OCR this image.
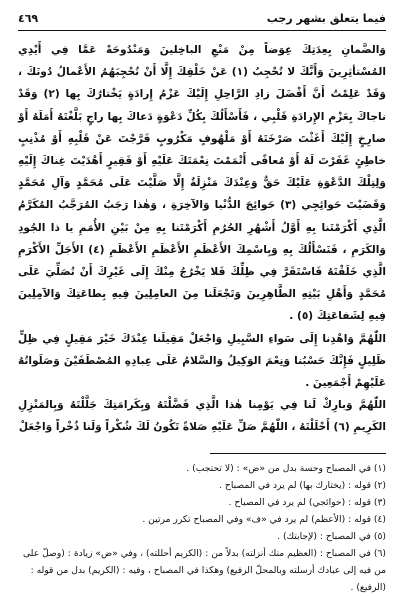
فيما يتعلق بشهر رجب
٤٦٩

وَالضَّمانِ بِعِدَتِكَ عِوَضاً مِنْ مَنْعِ الباخِلينَ وَمَنْدُوحَةً عَمَّا فِي أَيْدِي المُسْتأثِرِينَ وَأَنَّكَ لا تُحْجِبُ (١) عَنْ خَلْقِكَ إِلَّا أَنْ تُحْجِبَهُمُ الأَعْمالُ دُونَكَ ، وَقَدْ عَلِمْتُ أَنَّ أَفْضَلَ زادِ الرَّاحِلِ إِلَيْكَ عَزْمُ إِرادَةٍ يَخْتارُكَ بِها (٢) وَقَدْ ناجاكَ بِعَزْمِ الإِرادَةِ قَلْبِي ، فَأَسْأَلُكَ بِكُلِّ دَعْوَةٍ دَعاكَ بِها راجٍ بَلَّغْتَهُ أَمَلَهُ أَوْ صارِخٍ إِلَيْكَ أَغَثْتَ صَرْخَتَهُ أَوْ مَلْهُوفٍ مَكْرُوبٍ فَرَّجْتَ عَنْ قَلْبِهِ أَوْ مُذْنِبٍ خاطِئٍ غَفَرْتَ لَهُ أَوْ مُعافًى أَتْمَمْتَ نِعْمَتَكَ عَلَيْهِ أَوْ فَقِيرٍ أَهْدَيْتَ غِناكَ إِلَيْهِ وَلِتِلْكَ الدَّعْوَةِ عَلَيْكَ حَقٌّ وَعِنْدَكَ مَنْزِلَةٌ إِلَّا صَلَّيْتَ عَلَى مُحَمَّدٍ وَآلِ مُحَمَّدٍ وَقَضَيْتَ حَوائِجِي (٣) حَوائِجَ الدُّنْيا وَالآخِرَةِ ، وَهٰذا رَجَبُ المُرَجَّبُ المُكَرَّمُ الَّذِي أَكْرَمْتَنا بِهِ أَوَّلُ أَشْهُرِ الحُرُمِ أَكْرَمْتَنا بِهِ مِنْ بَيْنِ الأُمَمِ يا ذا الجُودِ وَالكَرَمِ ، فَنَسْأَلُكَ بِهِ وَبِاسْمِكَ الأَعْظَمِ الأَعْظَمِ الأَعْظَمِ (٤) الأَجَلِّ الأَكْرَمِ الَّذِي خَلَقْتَهُ فَاسْتَقَرَّ فِي ظِلِّكَ فَلا يَخْرُجُ مِنْكَ إِلَى غَيْرِكَ أَنْ تُصَلِّيَ عَلَى مُحَمَّدٍ وَأَهْلِ بَيْتِهِ الطَّاهِرِينَ وَتَجْعَلَنا مِنَ العامِلِينَ فِيهِ بِطاعَتِكَ وَالآمِلِينَ فِيهِ لِشَفاعَتِكَ (٥) .

اللّٰهُمَّ وَاهْدِنا إِلَى سَواءِ السَّبِيلِ وَاجْعَلْ مَقِيلَنا عِنْدَكَ خَيْرَ مَقِيلٍ فِي ظِلٍّ ظَلِيلٍ فَإِنَّكَ حَسْبُنا وَنِعْمَ الوَكِيلُ وَالسَّلامُ عَلَى عِبادِهِ المُصْطَفَيْنَ وَصَلَواتُهُ عَلَيْهِمْ أَجْمَعِينَ .

اللّٰهُمَّ وَبارِكْ لَنا فِي يَوْمِنا هٰذا الَّذِي فَضَّلْتَهُ وَبِكَرامَتِكَ جَلَّلْتَهُ وَبِالمَنْزِلِ الكَرِيمِ (٦) أَحْلَلْتَهُ ، اللّٰهُمَّ صَلِّ عَلَيْهِ صَلاةً تَكُونُ لَكَ شُكْراً وَلَنا ذُخْراً وَاجْعَلْ

(١) في المصباح وحسة بدل من «ض» : (لا تحتجب) .
(٢) قوله : (يختارك بها) لم يرد في المصباح .
(٣) قوله : (حوائجي) لم يرد في المصباح .
(٤) قوله : (الأعظم) لم يرد في «ف» وفي المصباح تكرر مرتين .
(٥) في المصباح : (لإجابتك) .
(٦) في المصباح : (العظيم منك أنزلته) بدلاً من : (الكريم أحللته) ، وفي «ض» زيادة : (وصلّ على من فيه إلى عبادك أرسلته وبالمحلّ الرفيع) وهكذا في المصباح ، وفيه : (الكريم) بدل من قوله : (الرفيع) .
